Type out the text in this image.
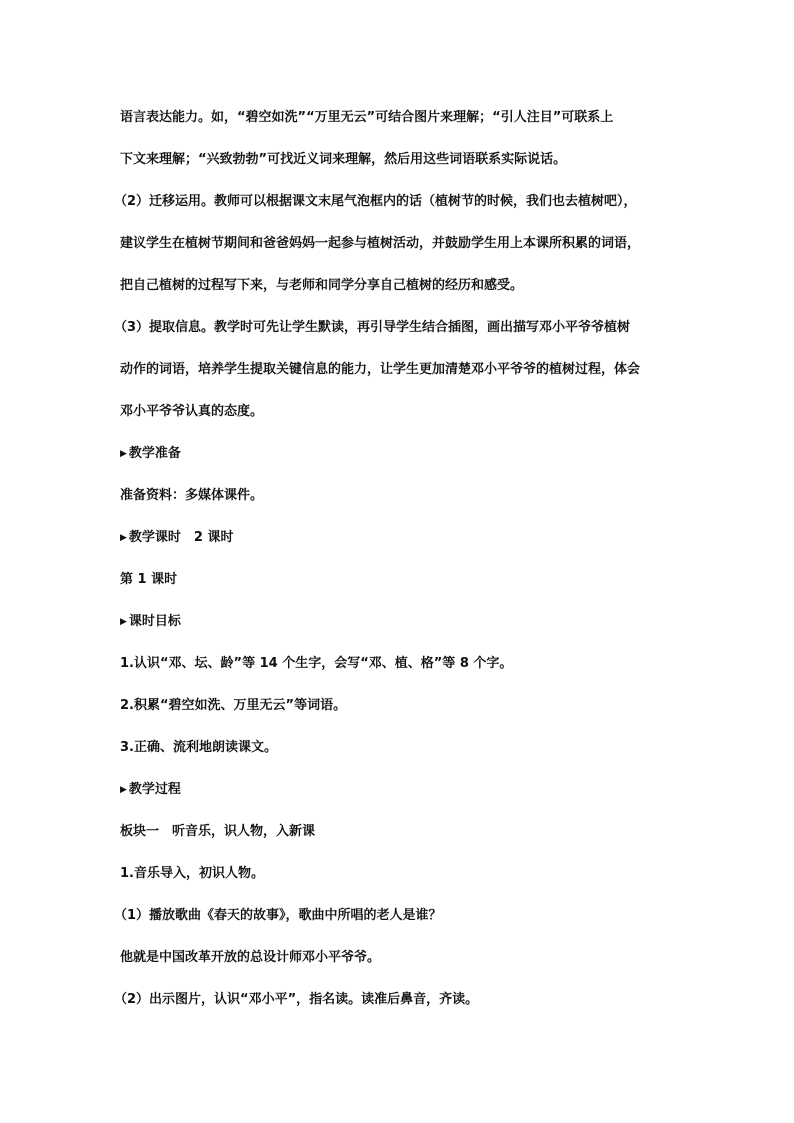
语言表达能力。如，“碧空如洗”“万里无云”可结合图片来理解；“引人注目”可联系上
下文来理解；“兴致勃勃”可找近义词来理解，然后用这些词语联系实际说话。
（2）迁移运用。教师可以根据课文末尾气泡框内的话（植树节的时候，我们也去植树吧），
建议学生在植树节期间和爸爸妈妈一起参与植树活动，并鼓励学生用上本课所积累的词语，
把自己植树的过程写下来，与老师和同学分享自己植树的经历和感受。
（3）提取信息。教学时可先让学生默读，再引导学生结合插图，画出描写邓小平爷爷植树
动作的词语，培养学生提取关键信息的能力，让学生更加清楚邓小平爷爷的植树过程，体会
邓小平爷爷认真的态度。
▶ 教学准备
准备资料：多媒体课件。
▶ 教学课时　2 课时
第 1 课时
▶ 课时目标
1.认识“邓、坛、龄”等 14 个生字，会写“邓、植、格”等 8 个字。
2.积累“碧空如洗、万里无云”等词语。
3.正确、流利地朗读课文。
▶ 教学过程
板块一　听音乐，识人物，入新课
1.音乐导入，初识人物。
（1）播放歌曲《春天的故事》，歌曲中所唱的老人是谁？
他就是中国改革开放的总设计师邓小平爷爷。
（2）出示图片，认识“邓小平”，指名读。读准后鼻音，齐读。
